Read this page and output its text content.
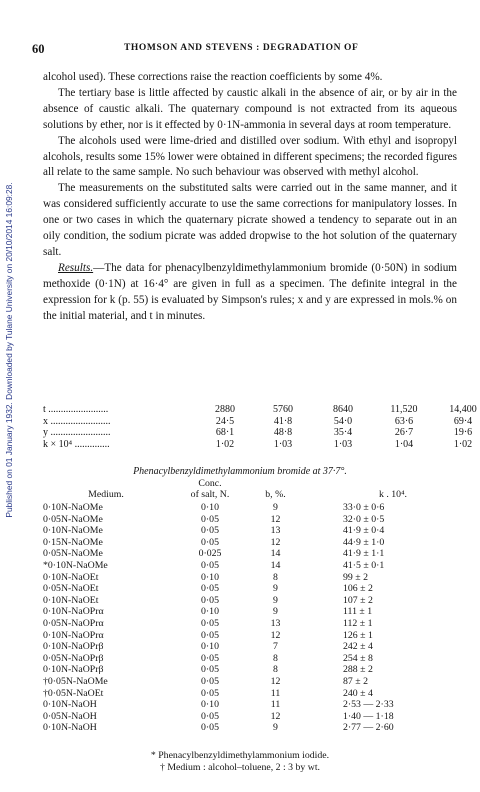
Published on 01 January 1932. Downloaded by Tulane University on 20/10/2014 16:09:28.
60	THOMSON AND STEVENS : DEGRADATION OF

alcohol used). These corrections raise the reaction coefficients by some 4%.

The tertiary base is little affected by caustic alkali in the absence of air, or by air in the absence of caustic alkali. The quaternary compound is not extracted from its aqueous solutions by ether, nor is it effected by 0·1N-ammonia in several days at room temperature.

The alcohols used were lime-dried and distilled over sodium. With ethyl and isopropyl alcohols, results some 15% lower were obtained in different specimens; the recorded figures all relate to the same sample. No such behaviour was observed with methyl alcohol.

The measurements on the substituted salts were carried out in the same manner, and it was considered sufficiently accurate to use the same corrections for manipulatory losses. In one or two cases in which the quaternary picrate showed a tendency to separate out in an oily condition, the sodium picrate was added dropwise to the hot solution of the quaternary salt.

Results.—The data for phenacylbenzyldimethylammonium bromide (0·50N) in sodium methoxide (0·1N) at 16·4° are given in full as a specimen. The definite integral in the expression for k (p. 55) is evaluated by Simpson's rules; x and y are expressed in mols.% on the initial material, and t in minutes.

t ........................	2880	5760	8640	11,520	14,400
x ........................	24·5	41·8	54·0	63·6	69·4
y ........................	68·1	48·8	35·4	26·7	19·6
k × 10⁴ ..............	1·02	1·03	1·03	1·04	1·02
Phenacylbenzyldimethylammonium bromide at 37·7°.
Medium.
Conc.
of salt, N.	b, %.	k . 10⁴.
0·10N-NaOMe	0·10	9	33·0 ± 0·6
0·05N-NaOMe	0·05	12	32·0 ± 0·5
0·10N-NaOMe	0·05	13	41·9 ± 0·4
0·15N-NaOMe	0·05	12	44·9 ± 1·0
0·05N-NaOMe	0·025	14	41·9 ± 1·1
*0·10N-NaOMe	0·05	14	41·5 ± 0·1
0·10N-NaOEt	0·10	8	99 ± 2
0·05N-NaOEt	0·05	9	106 ± 2
0·10N-NaOEt	0·05	9	107 ± 2
0·10N-NaOPrα	0·10	9	111 ± 1
0·05N-NaOPrα	0·05	13	112 ± 1
0·10N-NaOPrα	0·05	12	126 ± 1
0·10N-NaOPrβ	0·10	7	242 ± 4
0·05N-NaOPrβ	0·05	8	254 ± 8
0·10N-NaOPrβ	0·05	8	288 ± 2
†0·05N-NaOMe	0·05	12	87 ± 2
†0·05N-NaOEt	0·05	11	240 ± 4
0·10N-NaOH	0·10	11	2·53 — 2·33
0·05N-NaOH	0·05	12	1·40 — 1·18
0·10N-NaOH	0·05	9	2·77 — 2·60
* Phenacylbenzyldimethylammonium iodide.
† Medium : alcohol–toluene, 2 : 3 by wt.
